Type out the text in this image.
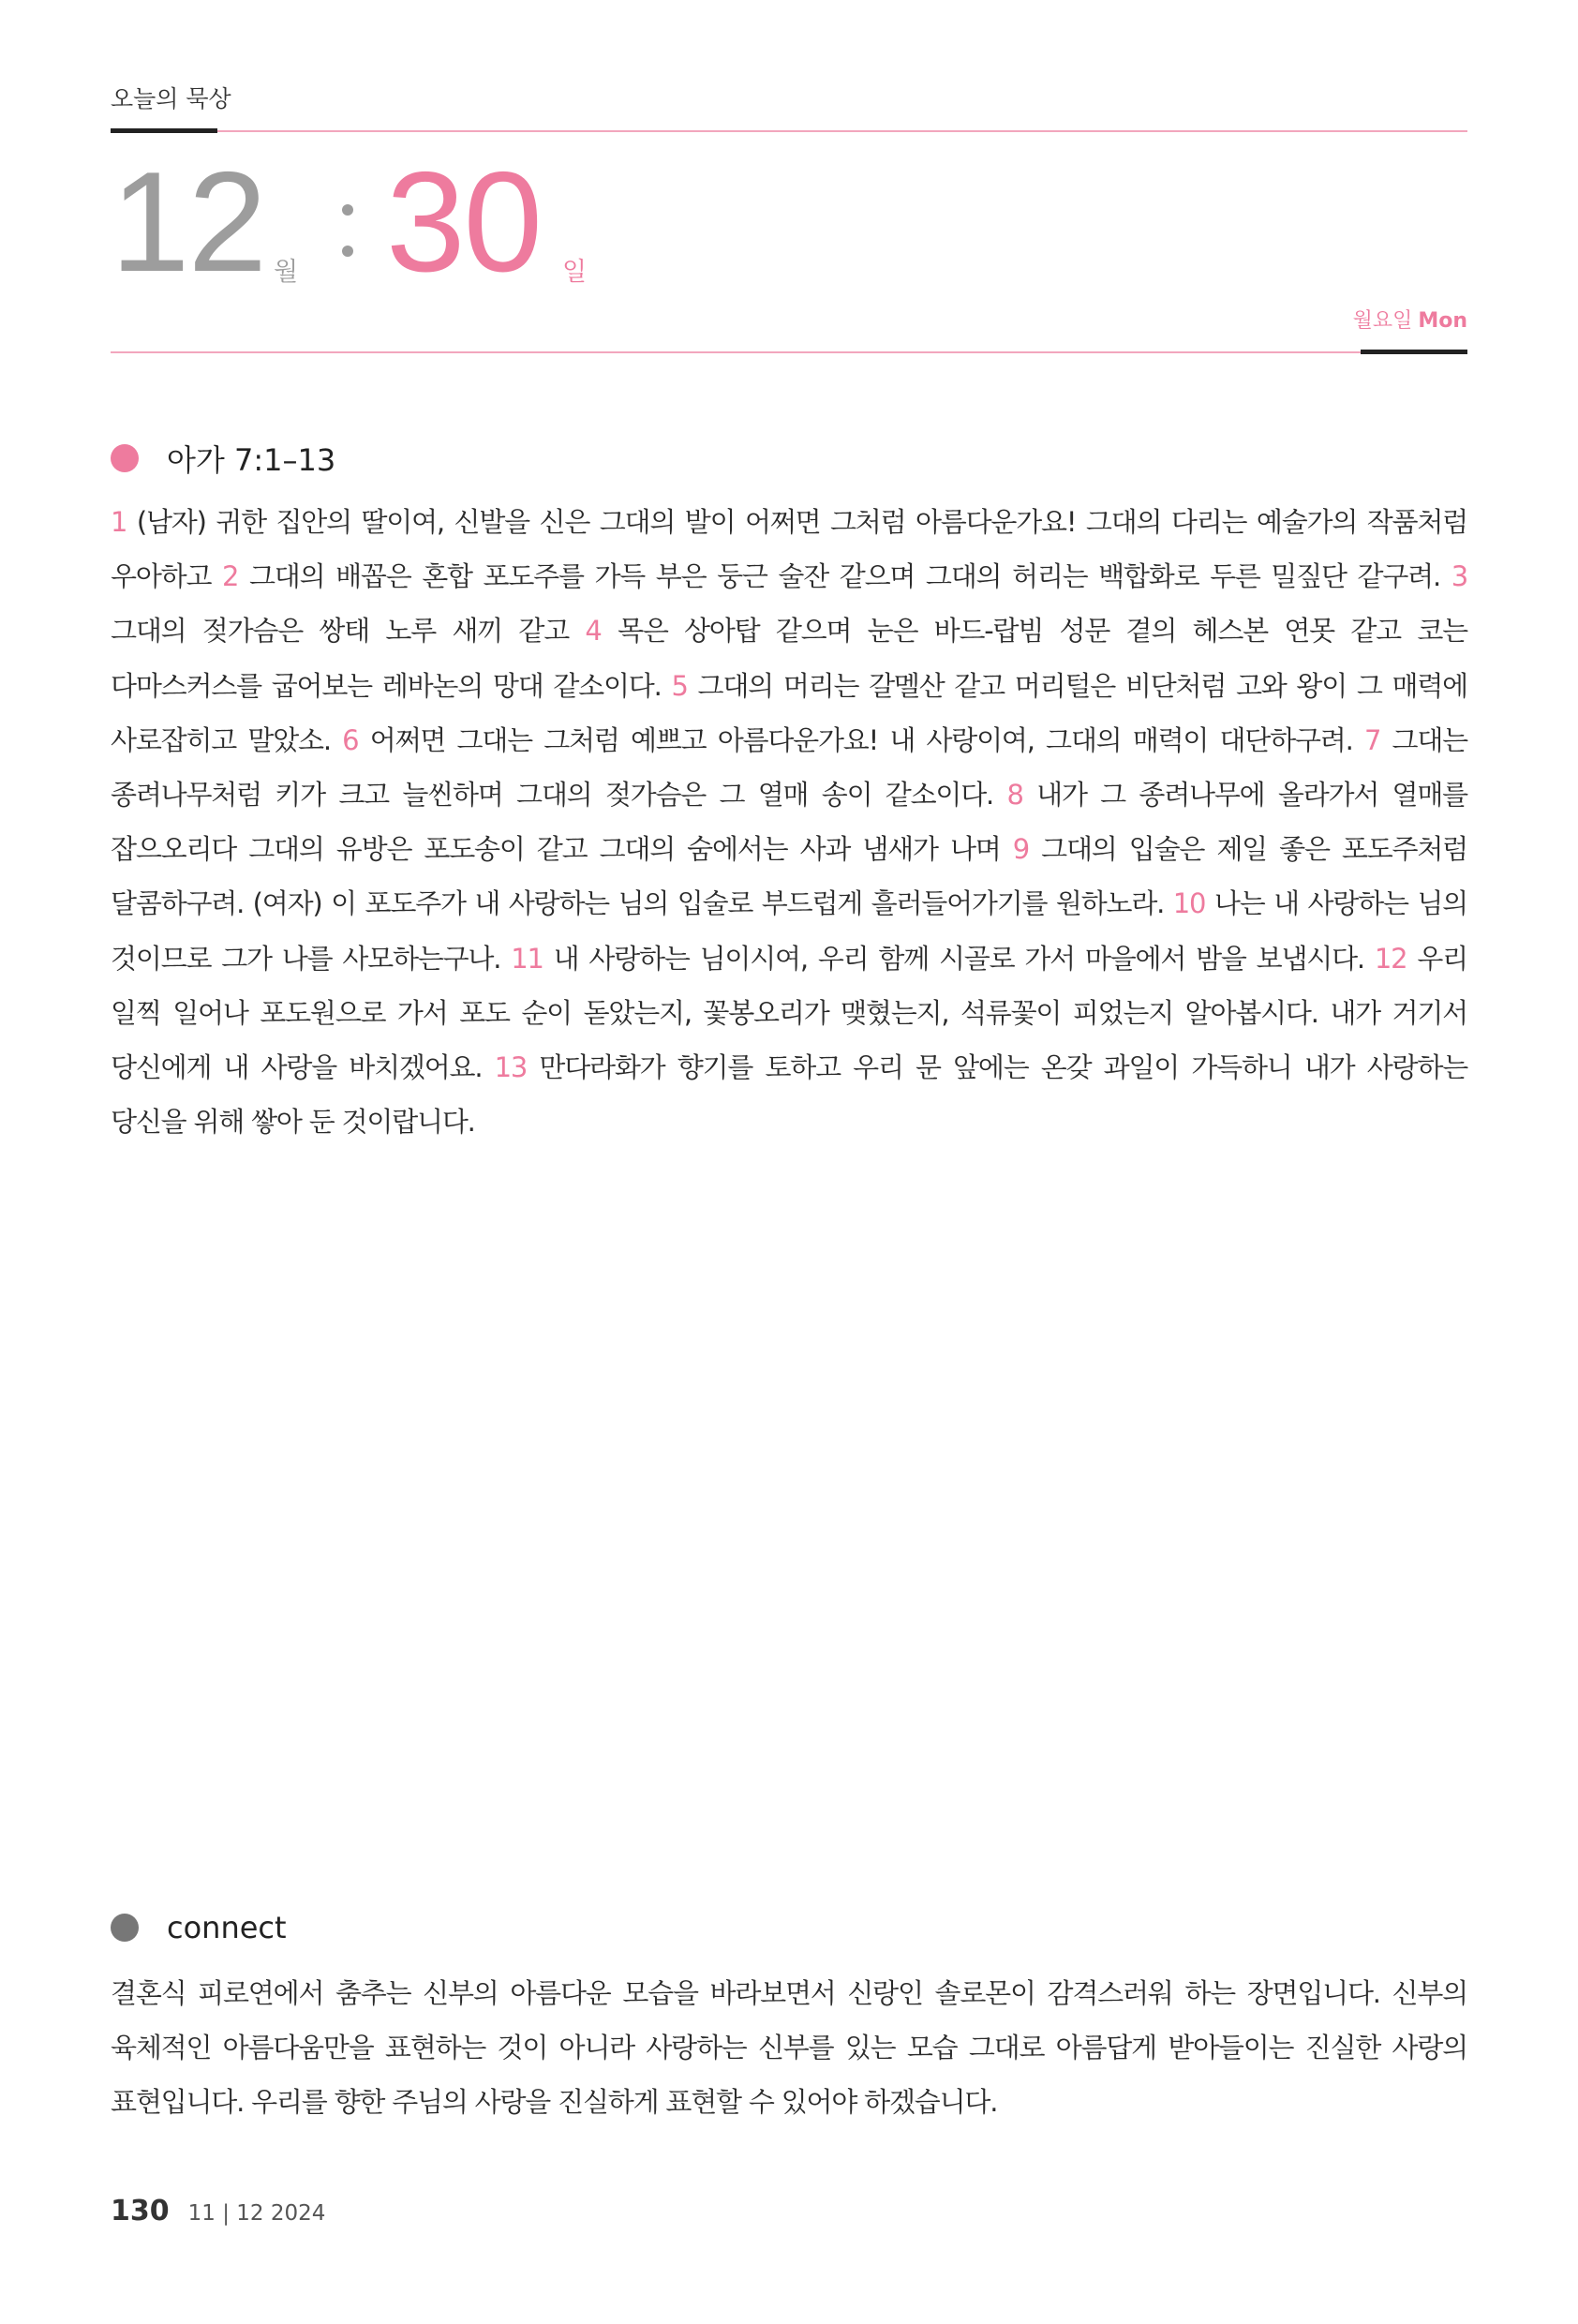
오늘의 묵상
12 월 30 일
월요일 Mon
아가 7:1–13
1 (남자) 귀한 집안의 딸이여, 신발을 신은 그대의 발이 어쩌면 그처럼 아름다운가요! 그대의 다리는 예술가의 작품처럼 우아하고 2 그대의 배꼽은 혼합 포도주를 가득 부은 둥근 술잔 같으며 그대의 허리는 백합화로 두른 밀짚단 같구려. 3 그대의 젖가슴은 쌍태 노루 새끼 같고 4 목은 상아탑 같으며 눈은 바드-랍빔 성문 곁의 헤스본 연못 같고 코는 다마스커스를 굽어보는 레바논의 망대 같소이다. 5 그대의 머리는 갈멜산 같고 머리털은 비단처럼 고와 왕이 그 매력에 사로잡히고 말았소. 6 어쩌면 그대는 그처럼 예쁘고 아름다운가요! 내 사랑이여, 그대의 매력이 대단하구려. 7 그대는 종려나무처럼 키가 크고 늘씬하며 그대의 젖가슴은 그 열매 송이 같소이다. 8 내가 그 종려나무에 올라가서 열매를 잡으오리다 그대의 유방은 포도송이 같고 그대의 숨에서는 사과 냄새가 나며 9 그대의 입술은 제일 좋은 포도주처럼 달콤하구려. (여자) 이 포도주가 내 사랑하는 님의 입술로 부드럽게 흘러들어가기를 원하노라. 10 나는 내 사랑하는 님의 것이므로 그가 나를 사모하는구나. 11 내 사랑하는 님이시여, 우리 함께 시골로 가서 마을에서 밤을 보냅시다. 12 우리 일찍 일어나 포도원으로 가서 포도 순이 돋았는지, 꽃봉오리가 맺혔는지, 석류꽃이 피었는지 알아봅시다. 내가 거기서 당신에게 내 사랑을 바치겠어요. 13 만다라화가 향기를 토하고 우리 문 앞에는 온갖 과일이 가득하니 내가 사랑하는 당신을 위해 쌓아 둔 것이랍니다.
connect
결혼식 피로연에서 춤추는 신부의 아름다운 모습을 바라보면서 신랑인 솔로몬이 감격스러워 하는 장면입니다. 신부의 육체적인 아름다움만을 표현하는 것이 아니라 사랑하는 신부를 있는 모습 그대로 아름답게 받아들이는 진실한 사랑의 표현입니다. 우리를 향한 주님의 사랑을 진실하게 표현할 수 있어야 하겠습니다.
130 11 | 12 2024
